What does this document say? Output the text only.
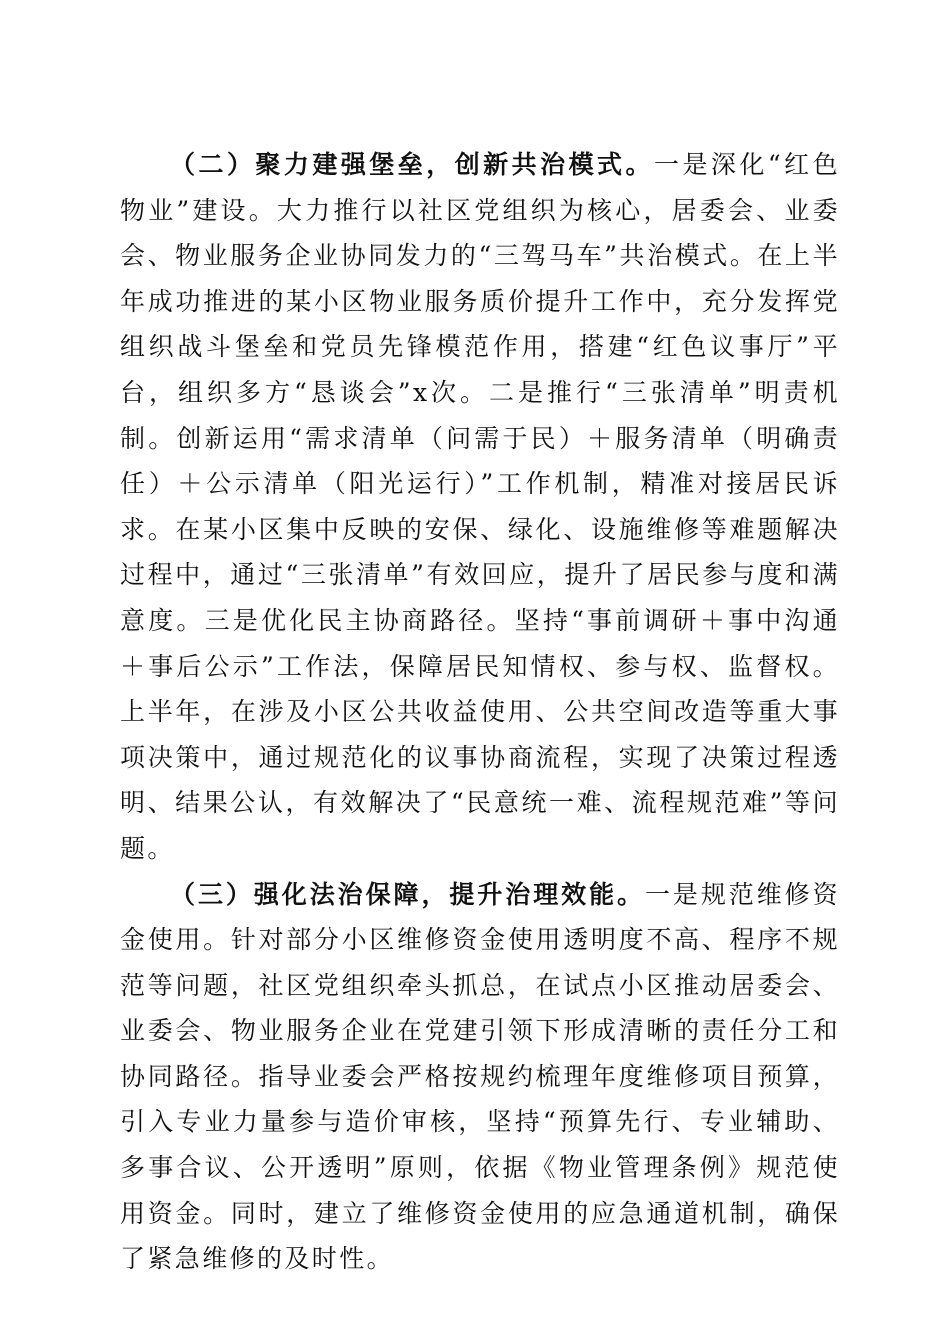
（二）聚力建强堡垒，创新共治模式。一是深化“红色物业”建设。大力推行以社区党组织为核心，居委会、业委会、物业服务企业协同发力的“三驾马车”共治模式。在上半年成功推进的某小区物业服务质价提升工作中，充分发挥党组织战斗堡垒和党员先锋模范作用，搭建“红色议事厅”平台，组织多方“恳谈会”x次。二是推行“三张清单”明责机制。创新运用“需求清单（问需于民）＋服务清单（明确责任）＋公示清单（阳光运行）”工作机制，精准对接居民诉求。在某小区集中反映的安保、绿化、设施维修等难题解决过程中，通过“三张清单”有效回应，提升了居民参与度和满意度。三是优化民主协商路径。坚持“事前调研＋事中沟通＋事后公示”工作法，保障居民知情权、参与权、监督权。上半年，在涉及小区公共收益使用、公共空间改造等重大事项决策中，通过规范化的议事协商流程，实现了决策过程透明、结果公认，有效解决了“民意统一难、流程规范难”等问题。

（三）强化法治保障，提升治理效能。一是规范维修资金使用。针对部分小区维修资金使用透明度不高、程序不规范等问题，社区党组织牵头抓总，在试点小区推动居委会、业委会、物业服务企业在党建引领下形成清晰的责任分工和协同路径。指导业委会严格按规约梳理年度维修项目预算，引入专业力量参与造价审核，坚持“预算先行、专业辅助、多事合议、公开透明”原则，依据《物业管理条例》规范使用资金。同时，建立了维修资金使用的应急通道机制，确保了紧急维修的及时性。
